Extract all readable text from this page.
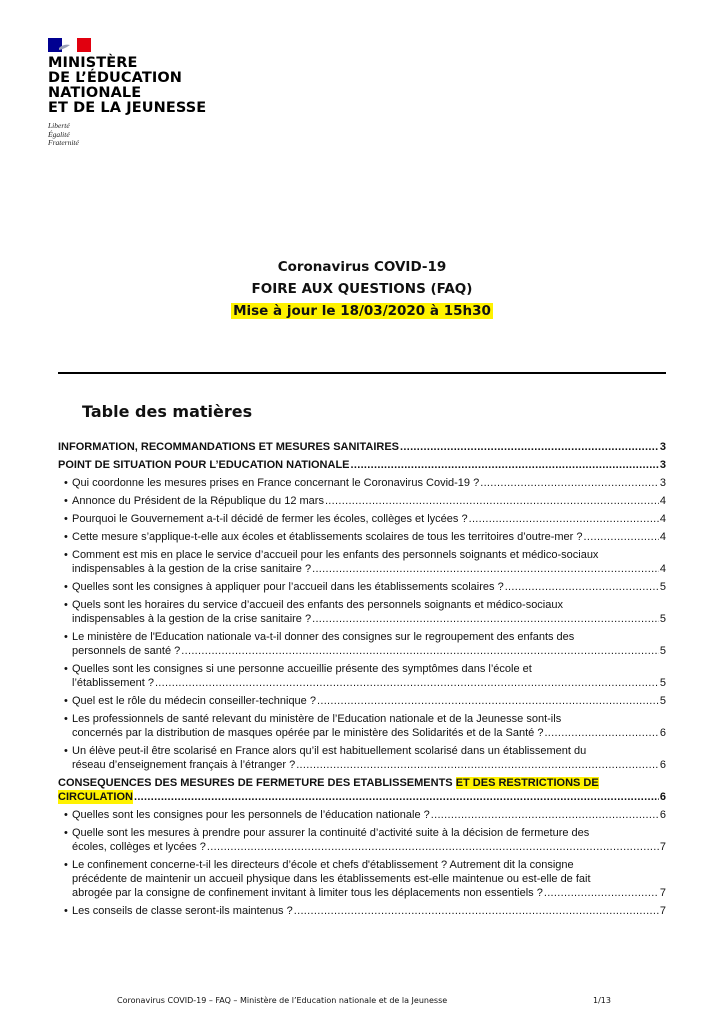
MINISTÈRE
DE L’ÉDUCATION
NATIONALE
ET DE LA JEUNESSE
Liberté
Égalité
Fraternité
Coronavirus COVID-19
FOIRE AUX QUESTIONS (FAQ)
Mise à jour le 18/03/2020 à 15h30
Table des matières
INFORMATION, RECOMMANDATIONS ET MESURES SANITAIRES .....	3
POINT DE SITUATION POUR L’EDUCATION NATIONALE .....	3
• Qui coordonne les mesures prises en France concernant le Coronavirus Covid-19 ? .....	3
• Annonce du Président de la République du 12 mars .....	4
• Pourquoi le Gouvernement a-t-il décidé de fermer les écoles, collèges et lycées ? .....	4
• Cette mesure s’applique-t-elle aux écoles et établissements scolaires de tous les territoires d’outre-mer ? .....	4
• Comment est mis en place le service d’accueil pour les enfants des personnels soignants et médico-sociaux
indispensables à la gestion de la crise sanitaire ? .....	4
• Quelles sont les consignes à appliquer pour l’accueil dans les établissements scolaires ? .....	5
• Quels sont les horaires du service d’accueil des enfants des personnels soignants et médico-sociaux
indispensables à la gestion de la crise sanitaire ? .....	5
• Le ministère de l'Education nationale va-t-il donner des consignes sur le regroupement des enfants des
personnels de santé ? .....	5
• Quelles sont les consignes si une personne accueillie présente des symptômes dans l’école et
l’établissement ? .....	5
• Quel est le rôle du médecin conseiller-technique ? .....	5
• Les professionnels de santé relevant du ministère de l’Education nationale et de la Jeunesse sont-ils
concernés par la distribution de masques opérée par le ministère des Solidarités et de la Santé ? .....	6
• Un élève peut-il être scolarisé en France alors qu’il est habituellement scolarisé dans un établissement du
réseau d’enseignement français à l’étranger ? .....	6
CONSEQUENCES DES MESURES DE FERMETURE DES ETABLISSEMENTS ET DES RESTRICTIONS DE
CIRCULATION .....	6
• Quelles sont les consignes pour les personnels de l’éducation nationale ? .....	6
• Quelle sont les mesures à prendre pour assurer la continuité d’activité suite à la décision de fermeture des
écoles, collèges et lycées ? .....	7
• Le confinement concerne-t-il les directeurs d’école et chefs d'établissement ? Autrement dit la consigne
précédente de maintenir un accueil physique dans les établissements est-elle maintenue ou est-elle de fait
abrogée par la consigne de confinement invitant à limiter tous les déplacements non essentiels ? .....	7
• Les conseils de classe seront-ils maintenus ? .....	7
Coronavirus COVID-19 – FAQ – Ministère de l’Education nationale et de la Jeunesse	1/13
